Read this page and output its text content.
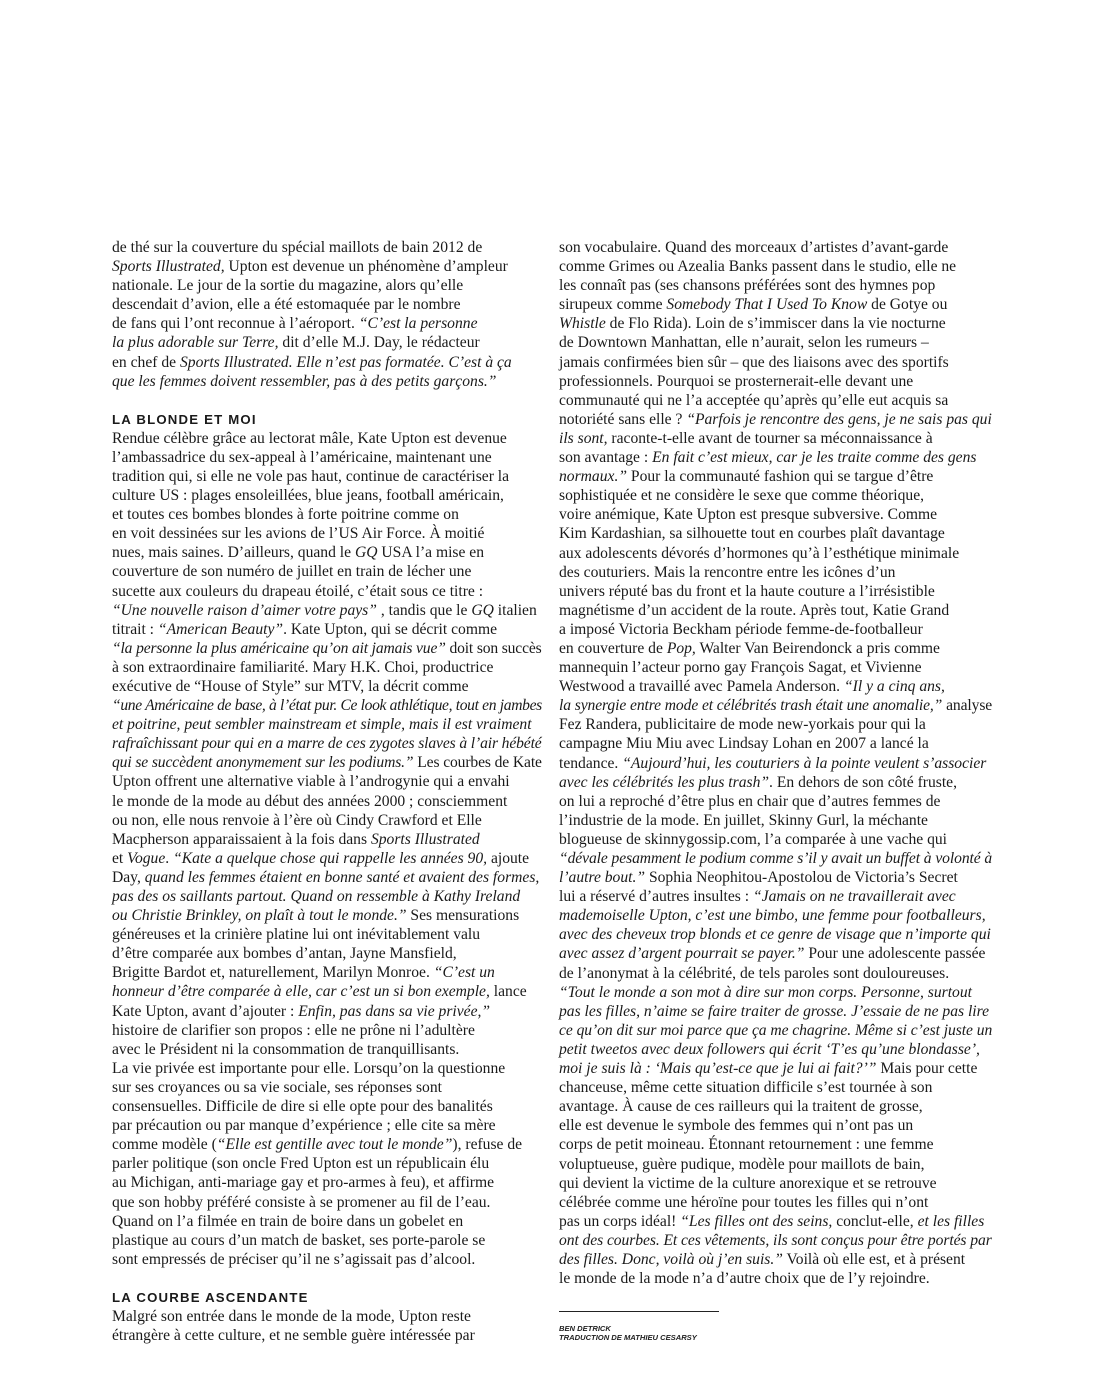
de thé sur la couverture du spécial maillots de bain 2012 de
Sports Illustrated, Upton est devenue un phénomène d’ampleur
nationale. Le jour de la sortie du magazine, alors qu’elle
descendait d’avion, elle a été estomaquée par le nombre
de fans qui l’ont reconnue à l’aéroport. “C’est la personne
la plus adorable sur Terre, dit d’elle M.J. Day, le rédacteur
en chef de Sports Illustrated. Elle n’est pas formatée. C’est à ça
que les femmes doivent ressembler, pas à des petits garçons.”

LA BLONDE ET MOI

Rendue célèbre grâce au lectorat mâle, Kate Upton est devenue
l’ambassadrice du sex-appeal à l’américaine, maintenant une
tradition qui, si elle ne vole pas haut, continue de caractériser la
culture US : plages ensoleillées, blue jeans, football américain,
et toutes ces bombes blondes à forte poitrine comme on
en voit dessinées sur les avions de l’US Air Force. À moitié
nues, mais saines. D’ailleurs, quand le GQ USA l’a mise en
couverture de son numéro de juillet en train de lécher une
sucette aux couleurs du drapeau étoilé, c’était sous ce titre :
“Une nouvelle raison d’aimer votre pays” , tandis que le GQ italien
titrait : “American Beauty”. Kate Upton, qui se décrit comme
“la personne la plus américaine qu’on ait jamais vue” doit son succès
à son extraordinaire familiarité. Mary H.K. Choi, productrice
exécutive de “House of Style” sur MTV, la décrit comme
“une Américaine de base, à l’état pur. Ce look athlétique, tout en jambes
et poitrine, peut sembler mainstream et simple, mais il est vraiment
rafraîchissant pour qui en a marre de ces zygotes slaves à l’air hébété
qui se succèdent anonymement sur les podiums.” Les courbes de Kate
Upton offrent une alternative viable à l’androgynie qui a envahi
le monde de la mode au début des années 2000 ; consciemment
ou non, elle nous renvoie à l’ère où Cindy Crawford et Elle
Macpherson apparaissaient à la fois dans Sports Illustrated
et Vogue. “Kate a quelque chose qui rappelle les années 90, ajoute
Day, quand les femmes étaient en bonne santé et avaient des formes,
pas des os saillants partout. Quand on ressemble à Kathy Ireland
ou Christie Brinkley, on plaît à tout le monde.” Ses mensurations
généreuses et la crinière platine lui ont inévitablement valu
d’être comparée aux bombes d’antan, Jayne Mansfield,
Brigitte Bardot et, naturellement, Marilyn Monroe. “C’est un
honneur d’être comparée à elle, car c’est un si bon exemple, lance
Kate Upton, avant d’ajouter : Enfin, pas dans sa vie privée,”
histoire de clarifier son propos : elle ne prône ni l’adultère
avec le Président ni la consommation de tranquillisants.
La vie privée est importante pour elle. Lorsqu’on la questionne
sur ses croyances ou sa vie sociale, ses réponses sont
consensuelles. Difficile de dire si elle opte pour des banalités
par précaution ou par manque d’expérience ; elle cite sa mère
comme modèle (“Elle est gentille avec tout le monde”), refuse de
parler politique (son oncle Fred Upton est un républicain élu
au Michigan, anti-mariage gay et pro-armes à feu), et affirme
que son hobby préféré consiste à se promener au fil de l’eau.
Quand on l’a filmée en train de boire dans un gobelet en
plastique au cours d’un match de basket, ses porte-parole se
sont empressés de préciser qu’il ne s’agissait pas d’alcool.

LA COURBE ASCENDANTE

Malgré son entrée dans le monde de la mode, Upton reste
étrangère à cette culture, et ne semble guère intéressée par

son vocabulaire. Quand des morceaux d’artistes d’avant-garde
comme Grimes ou Azealia Banks passent dans le studio, elle ne
les connaît pas (ses chansons préférées sont des hymnes pop
sirupeux comme Somebody That I Used To Know de Gotye ou
Whistle de Flo Rida). Loin de s’immiscer dans la vie nocturne
de Downtown Manhattan, elle n’aurait, selon les rumeurs –
jamais confirmées bien sûr – que des liaisons avec des sportifs
professionnels. Pourquoi se prosternerait-elle devant une
communauté qui ne l’a acceptée qu’après qu’elle eut acquis sa
notoriété sans elle ? “Parfois je rencontre des gens, je ne sais pas qui
ils sont, raconte-t-elle avant de tourner sa méconnaissance à
son avantage : En fait c’est mieux, car je les traite comme des gens
normaux.” Pour la communauté fashion qui se targue d’être
sophistiquée et ne considère le sexe que comme théorique,
voire anémique, Kate Upton est presque subversive. Comme
Kim Kardashian, sa silhouette tout en courbes plaît davantage
aux adolescents dévorés d’hormones qu’à l’esthétique minimale
des couturiers. Mais la rencontre entre les icônes d’un
univers réputé bas du front et la haute couture a l’irrésistible
magnétisme d’un accident de la route. Après tout, Katie Grand
a imposé Victoria Beckham période femme-de-footballeur
en couverture de Pop, Walter Van Beirendonck a pris comme
mannequin l’acteur porno gay François Sagat, et Vivienne
Westwood a travaillé avec Pamela Anderson. “Il y a cinq ans,
la synergie entre mode et célébrités trash était une anomalie,” analyse
Fez Randera, publicitaire de mode new-yorkais pour qui la
campagne Miu Miu avec Lindsay Lohan en 2007 a lancé la
tendance. “Aujourd’hui, les couturiers à la pointe veulent s’associer
avec les célébrités les plus trash”. En dehors de son côté fruste,
on lui a reproché d’être plus en chair que d’autres femmes de
l’industrie de la mode. En juillet, Skinny Gurl, la méchante
blogueuse de skinnygossip.com, l’a comparée à une vache qui
“dévale pesamment le podium comme s’il y avait un buffet à volonté à
l’autre bout.” Sophia Neophitou-Apostolou de Victoria’s Secret
lui a réservé d’autres insultes : “Jamais on ne travaillerait avec
mademoiselle Upton, c’est une bimbo, une femme pour footballeurs,
avec des cheveux trop blonds et ce genre de visage que n’importe qui
avec assez d’argent pourrait se payer.” Pour une adolescente passée
de l’anonymat à la célébrité, de tels paroles sont douloureuses.
“Tout le monde a son mot à dire sur mon corps. Personne, surtout
pas les filles, n’aime se faire traiter de grosse. J’essaie de ne pas lire
ce qu’on dit sur moi parce que ça me chagrine. Même si c’est juste un
petit tweetos avec deux followers qui écrit ‘T’es qu’une blondasse’,
moi je suis là : ‘Mais qu’est-ce que je lui ai fait?’” Mais pour cette
chanceuse, même cette situation difficile s’est tournée à son
avantage. À cause de ces railleurs qui la traitent de grosse,
elle est devenue le symbole des femmes qui n’ont pas un
corps de petit moineau. Étonnant retournement : une femme
voluptueuse, guère pudique, modèle pour maillots de bain,
qui devient la victime de la culture anorexique et se retrouve
célébrée comme une héroïne pour toutes les filles qui n’ont
pas un corps idéal! “Les filles ont des seins, conclut-elle, et les filles
ont des courbes. Et ces vêtements, ils sont conçus pour être portés par
des filles. Donc, voilà où j’en suis.” Voilà où elle est, et à présent
le monde de la mode n’a d’autre choix que de l’y rejoindre.

BEN DETRICK
TRADUCTION DE MATHIEU CESARSY
